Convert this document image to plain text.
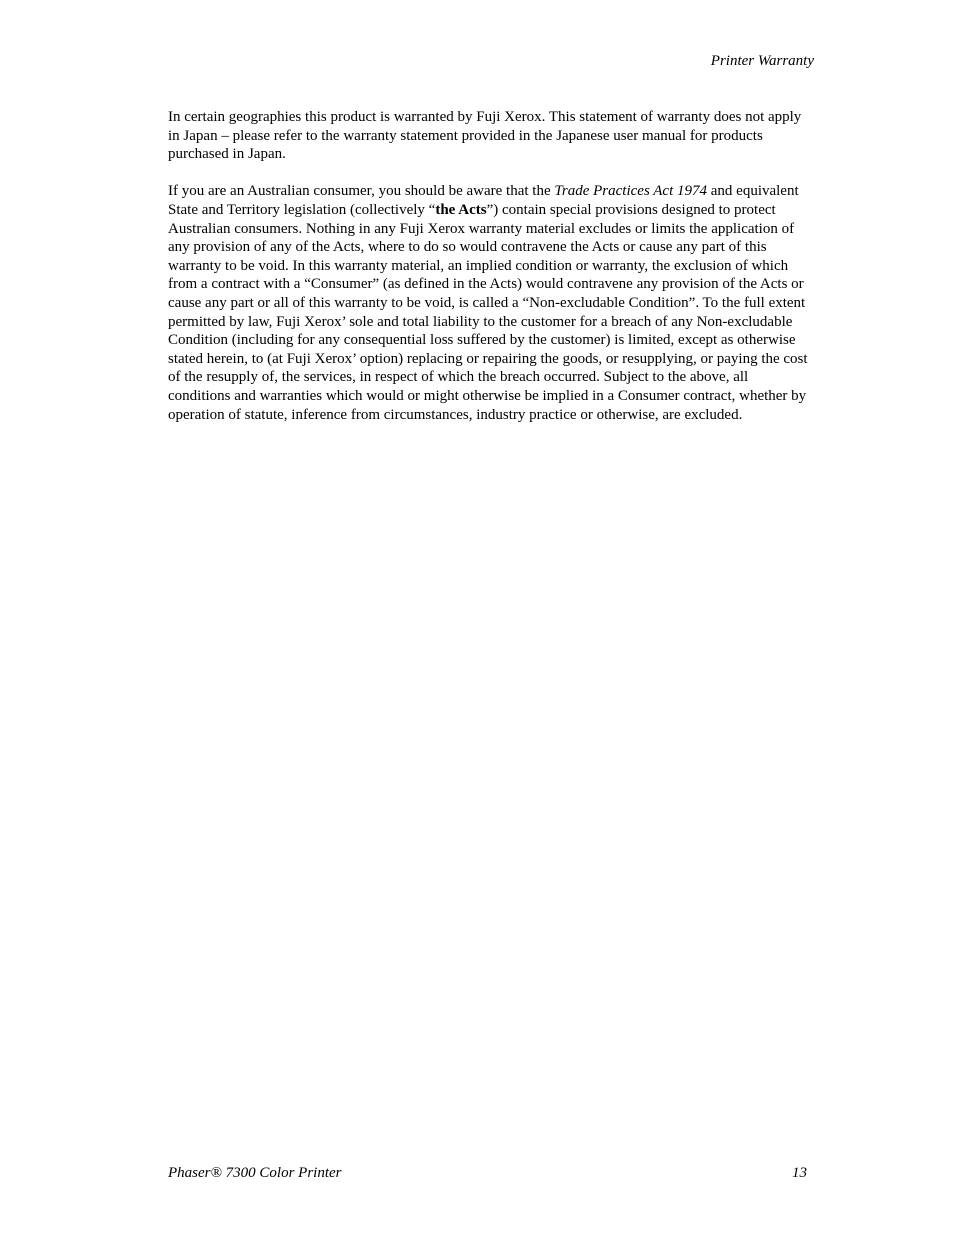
Printer Warranty

In certain geographies this product is warranted by Fuji Xerox. This statement of warranty does not apply in Japan – please refer to the warranty statement provided in the Japanese user manual for products purchased in Japan.

If you are an Australian consumer, you should be aware that the Trade Practices Act 1974 and equivalent State and Territory legislation (collectively “the Acts”) contain special provisions designed to protect Australian consumers. Nothing in any Fuji Xerox warranty material excludes or limits the application of any provision of any of the Acts, where to do so would contravene the Acts or cause any part of this warranty to be void. In this warranty material, an implied condition or warranty, the exclusion of which from a contract with a “Consumer” (as defined in the Acts) would contravene any provision of the Acts or cause any part or all of this warranty to be void, is called a “Non-excludable Condition”. To the full extent permitted by law, Fuji Xerox’ sole and total liability to the customer for a breach of any Non-excludable Condition (including for any consequential loss suffered by the customer) is limited, except as otherwise stated herein, to (at Fuji Xerox’ option) replacing or repairing the goods, or resupplying, or paying the cost of the resupply of, the services, in respect of which the breach occurred. Subject to the above, all conditions and warranties which would or might otherwise be implied in a Consumer contract, whether by operation of statute, inference from circumstances, industry practice or otherwise, are excluded.

Phaser® 7300 Color Printer	13
